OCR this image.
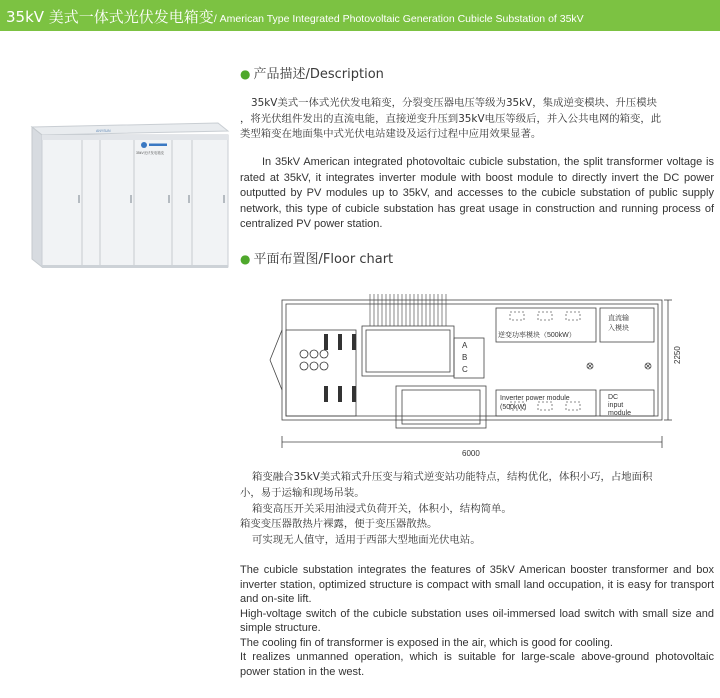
35kV 美式一体式光伏发电箱变/ American Type Integrated Photovoltaic Generation Cubicle Substation of 35kV
ANYSUN
35kV光伏发电箱变
● 产品描述/Description
35kV美式一体式光伏发电箱变，分裂变压器电压等级为35kV，集成逆变模块、升压模块
，将光伏组件发出的直流电能，直接逆变升压到35kV电压等级后，并入公共电网的箱变，此
类型箱变在地面集中式光伏电站建设及运行过程中应用效果显著。
In 35kV American integrated photovoltaic cubicle substation, the split transformer voltage is rated at 35kV, it integrates inverter module with boost module to directly invert the DC power outputted by PV modules up to 35kV, and accesses to the cubicle substation of public supply network, this type of cubicle substation has great usage in construction and running process of centralized PV power station.
● 平面布置图/Floor chart
A
B
C
逆变功率模块（500kW）
直流输
入模块
Inverter power module
(500kW)
DC
input
module
6000
2250
箱变融合35kV美式箱式升压变与箱式逆变站功能特点，结构优化，体积小巧，占地面积
小，易于运输和现场吊装。
箱变高压开关采用油浸式负荷开关，体积小，结构简单。
箱变变压器散热片裸露，便于变压器散热。
可实现无人值守，适用于西部大型地面光伏电站。

The cubicle substation integrates the features of 35kV American booster transformer and box inverter station, optimized structure is compact with small land occupation, it is easy for transport and on-site lift.

High-voltage switch of the cubicle substation uses oil-immersed load switch with small size and simple structure.

The cooling fin of transformer is exposed in the air, which is good for cooling.

It realizes unmanned operation, which is suitable for large-scale above-ground photovoltaic power station in the west.
